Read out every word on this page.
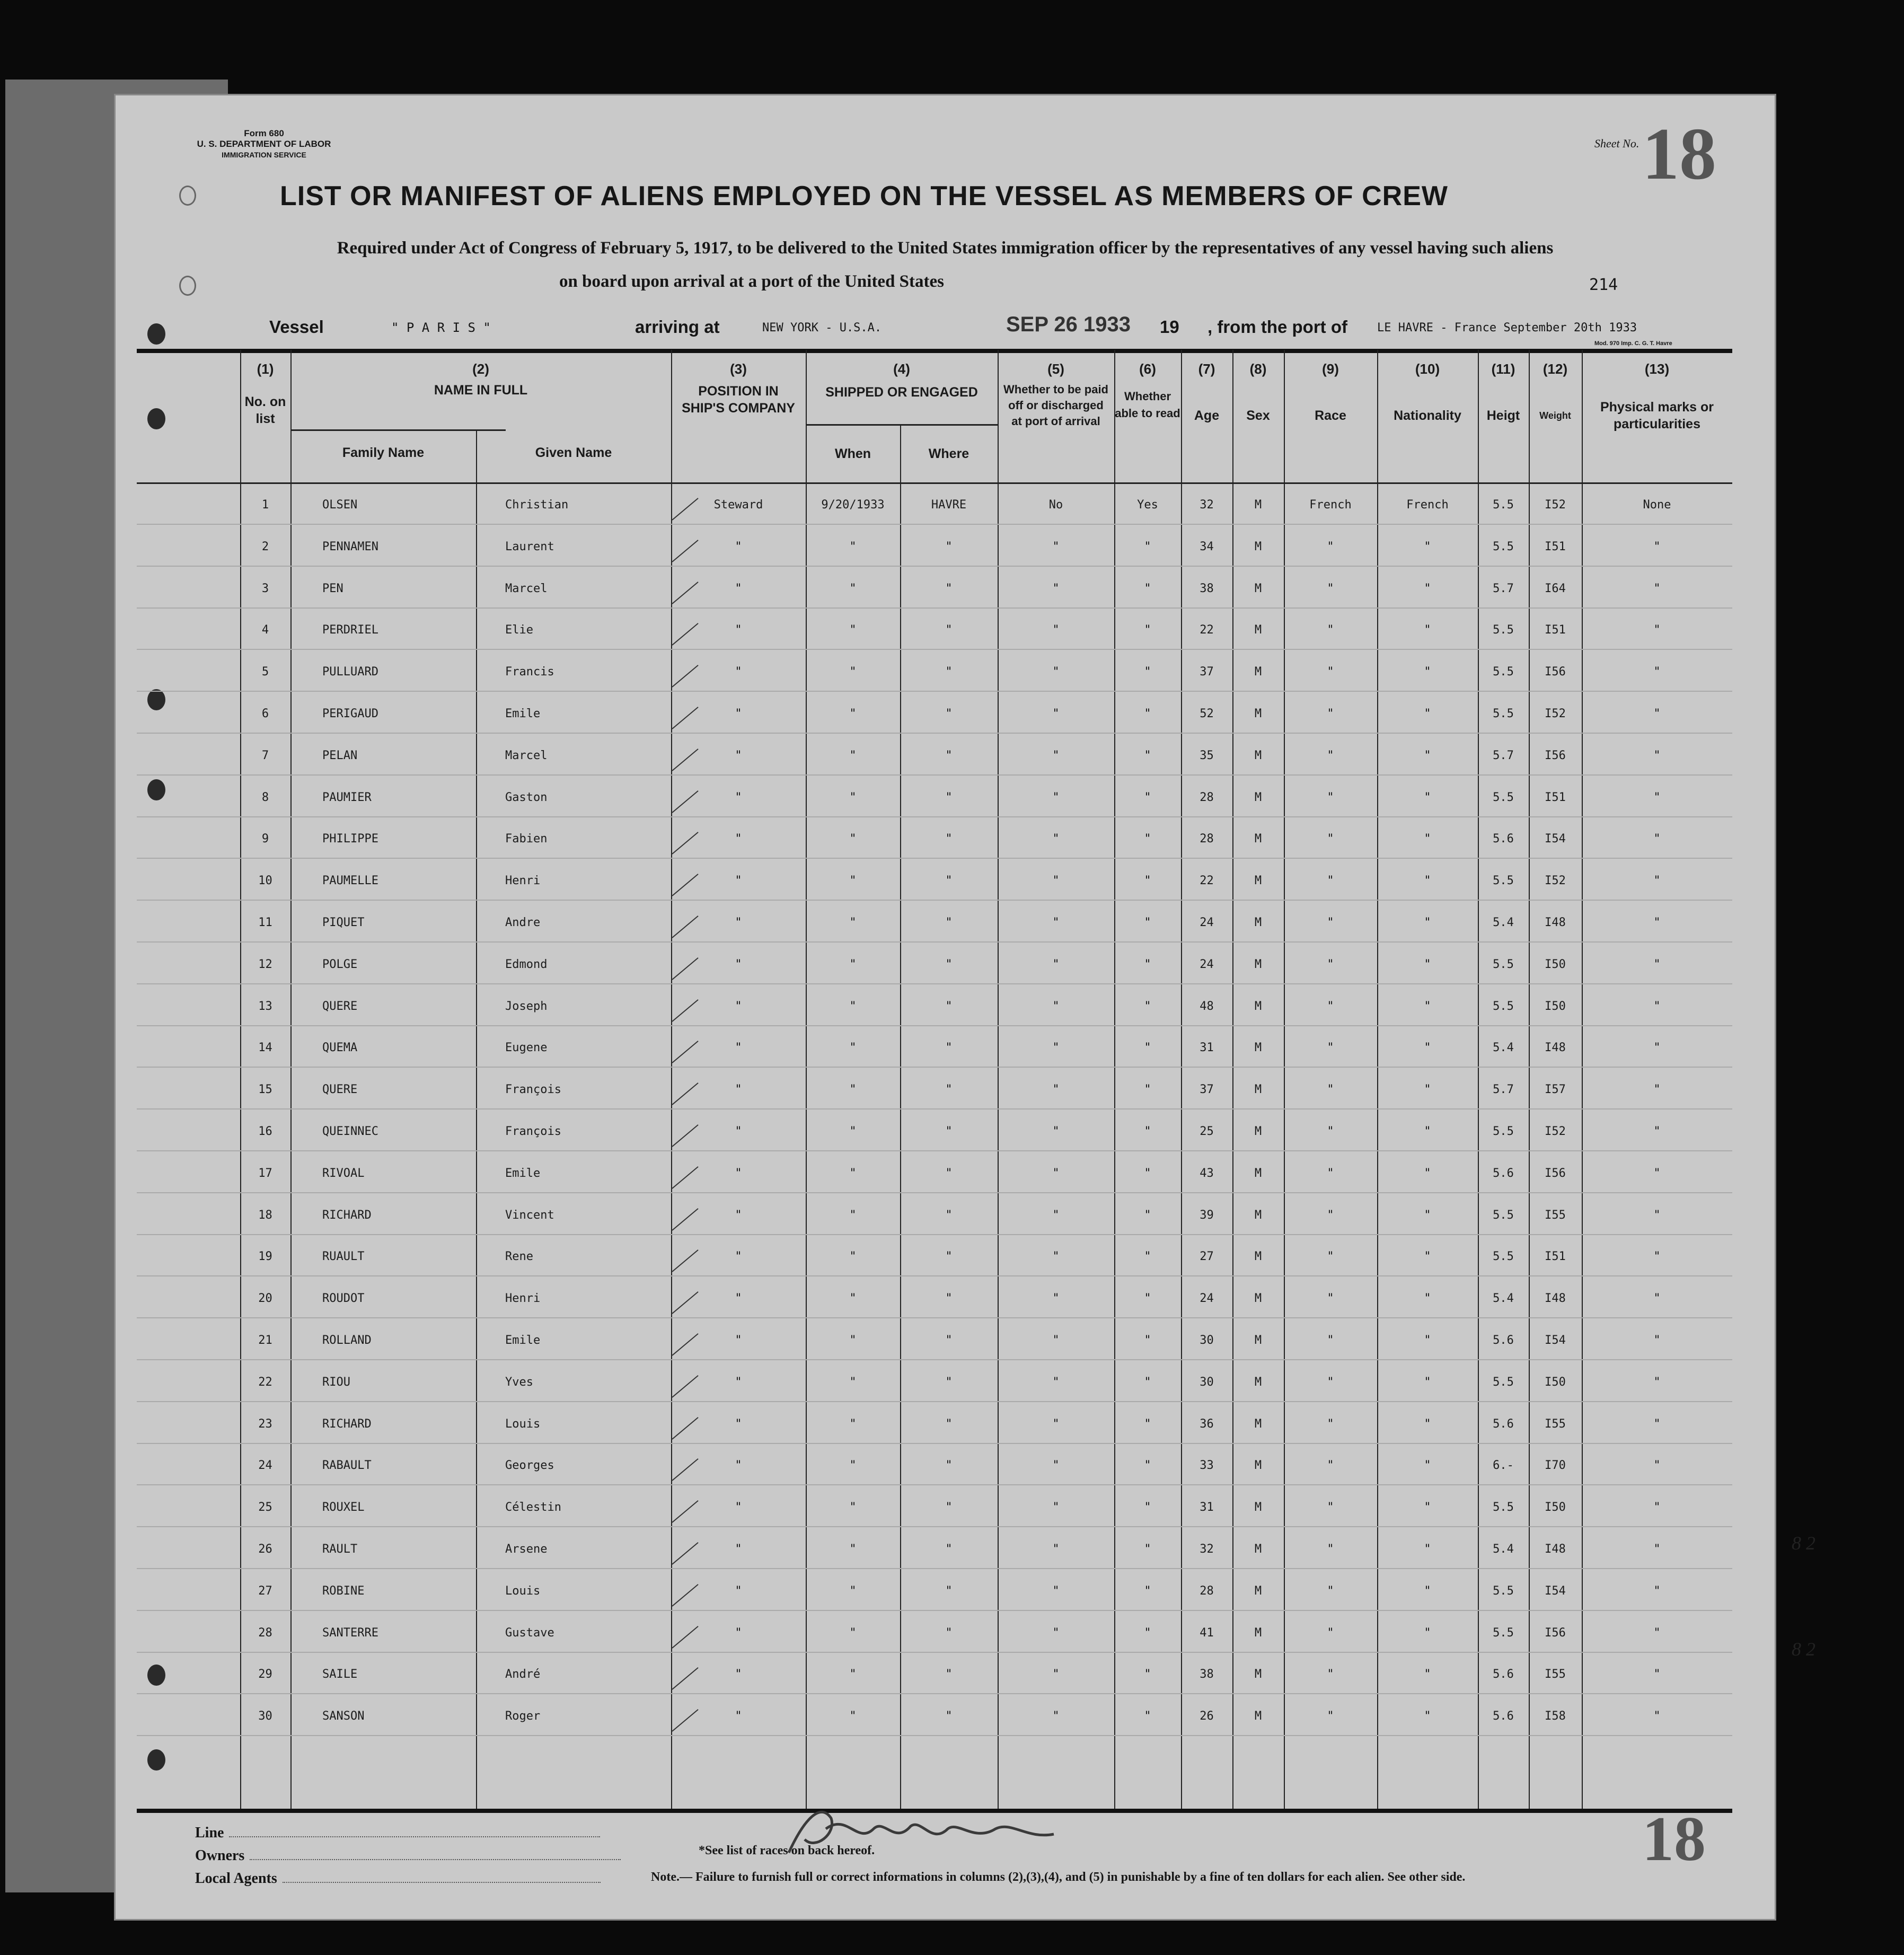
Form 680
U. S. DEPARTMENT OF LABOR
IMMIGRATION SERVICE
Sheet No. 18
LIST OR MANIFEST OF ALIENS EMPLOYED ON THE VESSEL AS MEMBERS OF CREW
Required under Act of Congress of February 5, 1917, to be delivered to the United States immigration officer by the representatives of any vessel having such aliens
on board upon arrival at a port of the United States	214
Vessel	" P A R I S "	arriving at	NEW YORK - U.S.A.	SEP 26 1933 19 , from the port of	LE HAVRE - France September 20th 1933
Mod. 970 Imp. C. G. T. Havre
(1)
No. on list
(2)
NAME IN FULL
Family Name	Given Name
(3)
POSITION IN SHIP'S COMPANY
(4)
SHIPPED OR ENGAGED
When	Where
(5)
Whether to be paid off or discharged at port of arrival
(6)
Whether able to read
(7)
Age
(8)
Sex
(9)
Race
(10)
Nationality
(11)
Heigt
(12)
Weight
(13)
Physical marks or particularities
1	OLSEN	Christian	Steward	9/20/1933	HAVRE	No	Yes	32	M	French	French	5.5	I52	None
2	PENNAMEN	Laurent	"	"	"	"	"	34	M	"	"	5.5	I51	"
3	PEN	Marcel	"	"	"	"	"	38	M	"	"	5.7	I64	"
4	PERDRIEL	Elie	"	"	"	"	"	22	M	"	"	5.5	I51	"
5	PULLUARD	Francis	"	"	"	"	"	37	M	"	"	5.5	I56	"
6	PERIGAUD	Emile	"	"	"	"	"	52	M	"	"	5.5	I52	"
7	PELAN	Marcel	"	"	"	"	"	35	M	"	"	5.7	I56	"
8	PAUMIER	Gaston	"	"	"	"	"	28	M	"	"	5.5	I51	"
9	PHILIPPE	Fabien	"	"	"	"	"	28	M	"	"	5.6	I54	"
10	PAUMELLE	Henri	"	"	"	"	"	22	M	"	"	5.5	I52	"
11	PIQUET	Andre	"	"	"	"	"	24	M	"	"	5.4	I48	"
12	POLGE	Edmond	"	"	"	"	"	24	M	"	"	5.5	I50	"
13	QUERE	Joseph	"	"	"	"	"	48	M	"	"	5.5	I50	"
14	QUEMA	Eugene	"	"	"	"	"	31	M	"	"	5.4	I48	"
15	QUERE	François	"	"	"	"	"	37	M	"	"	5.7	I57	"
16	QUEINNEC	François	"	"	"	"	"	25	M	"	"	5.5	I52	"
17	RIVOAL	Emile	"	"	"	"	"	43	M	"	"	5.6	I56	"
18	RICHARD	Vincent	"	"	"	"	"	39	M	"	"	5.5	I55	"
19	RUAULT	Rene	"	"	"	"	"	27	M	"	"	5.5	I51	"
20	ROUDOT	Henri	"	"	"	"	"	24	M	"	"	5.4	I48	"
21	ROLLAND	Emile	"	"	"	"	"	30	M	"	"	5.6	I54	"
22	RIOU	Yves	"	"	"	"	"	30	M	"	"	5.5	I50	"
23	RICHARD	Louis	"	"	"	"	"	36	M	"	"	5.6	I55	"
24	RABAULT	Georges	"	"	"	"	"	33	M	"	"	6.-	I70	"
25	ROUXEL	Célestin	"	"	"	"	"	31	M	"	"	5.5	I50	"
26	RAULT	Arsene	"	"	"	"	"	32	M	"	"	5.4	I48	"
27	ROBINE	Louis	"	"	"	"	"	28	M	"	"	5.5	I54	"
28	SANTERRE	Gustave	"	"	"	"	"	41	M	"	"	5.5	I56	"
29	SAILE	André	"	"	"	"	"	38	M	"	"	5.6	I55	"
30	SANSON	Roger	"	"	"	"	"	26	M	"	"	5.6	I58	"
Line
Owners
Local Agents
*See list of races on back hereof.
Note.— Failure to furnish full or correct informations in columns (2),(3),(4), and (5) in punishable by a fine of ten dollars for each alien. See other side.
18
8 2
8 2
